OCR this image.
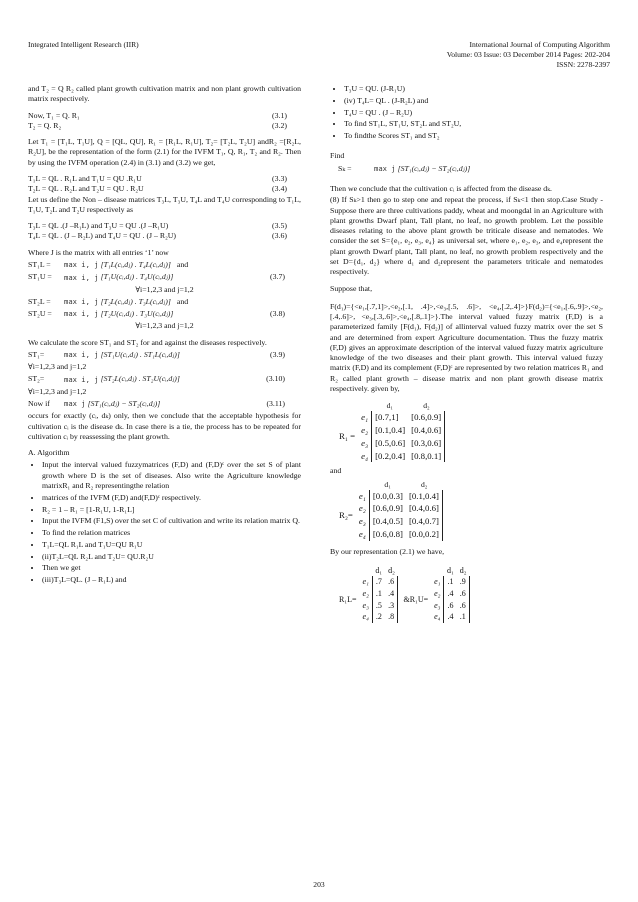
Integrated Intelligent Research (IIR)	International Journal of Computing Algorithm
Volume: 03 Issue: 03 December 2014 Pages: 202-204
ISSN: 2278-2397

and T₂ = Q R₂ called plant growth cultivation matrix and non plant growth cultivation matrix respectively.

Now, T₁ = Q. R₁	(3.1)
T₂ = Q. R₂	(3.2)

Let T₁ = [T₁L, T₁U], Q = [QL, QU], R₁ = [R₁L, R₁U], T₂= [T₂L, T₂U] andR₂ =[R₂L, R₂U], be the representation of the form (2.1) for the IVFM T₁, Q, R₁, T₂ and R₂. Then by using the IVFM operation (2.4) in (3.1) and (3.2) we get,

T₁L = QL . R₁L and T₁U = QU .R₁U	(3.3)
T₂L = QL . R₂L and T₂U = QU . R₂U	(3.4)

Let us define the Non – disease matrices T₃L, T₃U, T₄L and T₄U corresponding to T₁L, T₁U, T₂L and T₂U respectively as

T₃L = QL .(J –R₁L) and T₃U = QU .(J –R₁U)	(3.5)
T₄L = QL . (J – R₂L) and T₄U = QU . (J – R₂U)	(3.6)

Where J is the matrix with all entries ‘1’ now

ST₁L =	max i, j
[T₁L(cᵢ,dⱼ) . T₄L(cᵢ,dⱼ)] and
ST₁U =	max i, j
[T₁U(cᵢ,dⱼ) . T₄U(cᵢ,dⱼ)]	(3.7)
∀i=1,2,3 and j=1,2
ST₂L =	max i, j
[T₂L(cᵢ,dⱼ) . T₃L(cᵢ,dⱼ)] and
ST₂U =	max i, j
[T₂U(cᵢ,dⱼ) . T₃U(cᵢ,dⱼ)]	(3.8)
∀i=1,2,3 and j=1,2

We calculate the score ST₁ and ST₂ for and against the diseases respectively.

ST₁=	max i, j
[ST₁U(cᵢ,dⱼ) . ST₁L(cᵢ,dⱼ)]	(3.9)
∀i=1,2,3 and j=1,2
ST₂=	max i, j
[ST₂L(cᵢ,dⱼ) . ST₂U(cᵢ,dⱼ)]	(3.10)
∀i=1,2,3 and j=1,2
Now if	max j
[ST₁(cᵢ,dⱼ) − ST₂(cᵢ,dⱼ)]	(3.11)

occurs for exactly (cᵢ, dₖ) only, then we conclude that the acceptable hypothesis for cultivation cᵢ is the disease dₖ. In case there is a tie, the process has to be repeated for cultivation cᵢ by reassessing the plant growth.

A. Algorithm
• Input the interval valued fuzzymatrices (F,D) and (F,D)ᶜ over the set S of plant growth where D is the set of diseases. Also write the Agriculture knowledge matrixR₁ and R₂ representingthe relation
• matrices of the IVFM (F,D) and(F,D)ᶜ respectively.
• R₂ = 1 – R₁ = [1-R₁U, 1-R₁L]
• Input the IVFM (F1,S) over the set C of cultivation and write its relation matrix Q.
• To find the relation matrices
• T₁L=QL R₁L and T₁U=QU R₁U
• (ii)T₂L=QL R₂L and T₂U= QU.R₂U
• Then we get
• (iii)T₃L=QL. (J – R₁L) and
• T₃U = QU. (J-R₁U)
• (iv) T₄L= QL . (J-R₂L) and
• T₄U = QU . (J – R₂U)
• To find ST₁L, ST₁U, ST₂L and ST₂U,
• To findthe Scores ST₁ and ST₂
Find
Sₖ =	max j
[ST₁(cᵢ,dⱼ) − ST₂(cᵢ,dⱼ)]

Then we conclude that the cultivation cᵢ is affected from the disease dₖ.

(8) If Sₖ>1 then go to step one and repeat the process, if Sₖ<1 then stop.Case Study -Suppose there are three cultivations paddy, wheat and moongdal in an Agriculture with plant growths Dwarf plant, Tall plant, no leaf, no growth problem. Let the possible diseases relating to the above plant growth be triticale disease and nematodes. We consider the set S={e₁, e₂, e₃, e₄} as universal set, where e₁, e₂, e₃, and e₄represent the plant growth Dwarf plant, Tall plant, no leaf, no growth problem respectively and the set D={d₁, d₂} where d₁ and d₂represent the parameters triticale and nematodes respectively.

Suppose that,

F(d₁)={<e₁,[.7,1]>,<e₂,[.1, .4]>,<e₃,[.5, .6]>, <e₄,[.2,.4]>}F(d₂)={<e₁,[.6,.9]>,<e₂,[.4,.6]>, <e₃,[.3,.6]>,<e₄,[.8,.1]>}.The interval valued fuzzy matrix (F,D) is a parameterized family [F(d₁), F(d₂)] of allinterval valued fuzzy matrix over the set S and are determined from expert Agriculture documentation. Thus the fuzzy matrix (F,D) gives an approximate description of the interval valued fuzzy matrix agriculture knowledge of the two diseases and their plant growth. This interval valued fuzzy matrix (F,D) and its complement (F,D)ᶜ are represented by two relation matrices R₁ and R₂ called plant growth – disease matrix and non plant growth disease matrix respectively. given by,

		d₁	d₂
R₁ =	e₁	[0.7,1]	[0.6,0.9]
	e₂	[0.1,0.4]	[0.4,0.6]
	e₃	[0.5,0.6]	[0.3,0.6]
	e₄	[0.2,0.4]	[0.8,0.1]
and
		d₁	d₂
R₂=	e₁	[0.0,0.3]	[0.1,0.4]
	e₂	[0.6,0.9]	[0.4,0.6]
	e₃	[0.4,0.5]	[0.4,0.7]
	e₄	[0.6,0.8]	[0.0,0.2]

By our representation (2.1) we have,

		d₁	d₂
R₁L=	e₁	.7	.6
	e₂	.1	.4
	e₃	.5	.3
	e₄	.2	.8
		d₁	d₂
&R₁U=	e₁	.1	.9
	e₂	.4	.6
	e₃	.6	.6
	e₄	.4	.1
203
